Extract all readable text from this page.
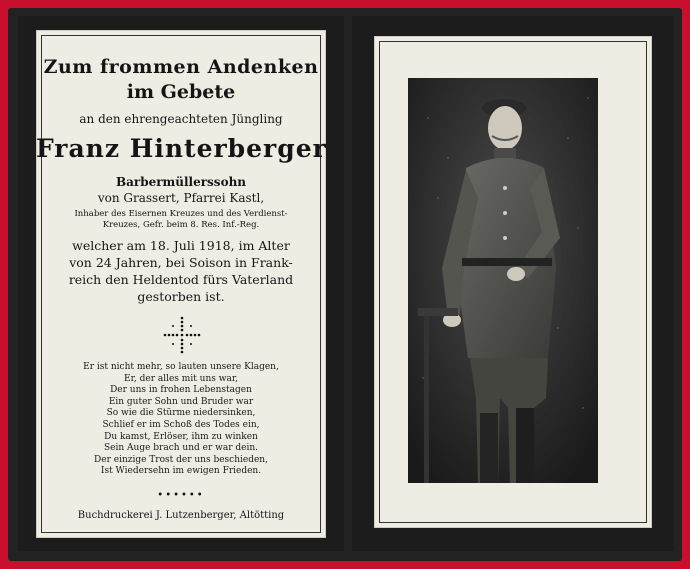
Zum frommen Andenken
im Gebete
an den ehrengeachteten Jüngling
Franz Hinterberger
Barbermüllerssohn
von Grassert, Pfarrei Kastl,
Inhaber des Eisernen Kreuzes und des Verdienst-
Kreuzes, Gefr. beim 8. Res. Inf.-Reg.
welcher am 18. Juli 1918, im Alter
von 24 Jahren, bei Soison in Frank-
reich den Heldentod fürs Vaterland
gestorben ist.
Er ist nicht mehr, so lauten unsere Klagen,
Er, der alles mit uns war,
Der uns in frohen Lebenstagen
Ein guter Sohn und Bruder war
So wie die Stürme niedersinken,
Schlief er im Schoß des Todes ein,
Du kamst, Erlöser, ihm zu winken
Sein Auge brach und er war dein.
Der einzige Trost der uns beschieden,
Ist Wiedersehn im ewigen Frieden.
••••••
Buchdruckerei J. Lutzenberger, Altötting
